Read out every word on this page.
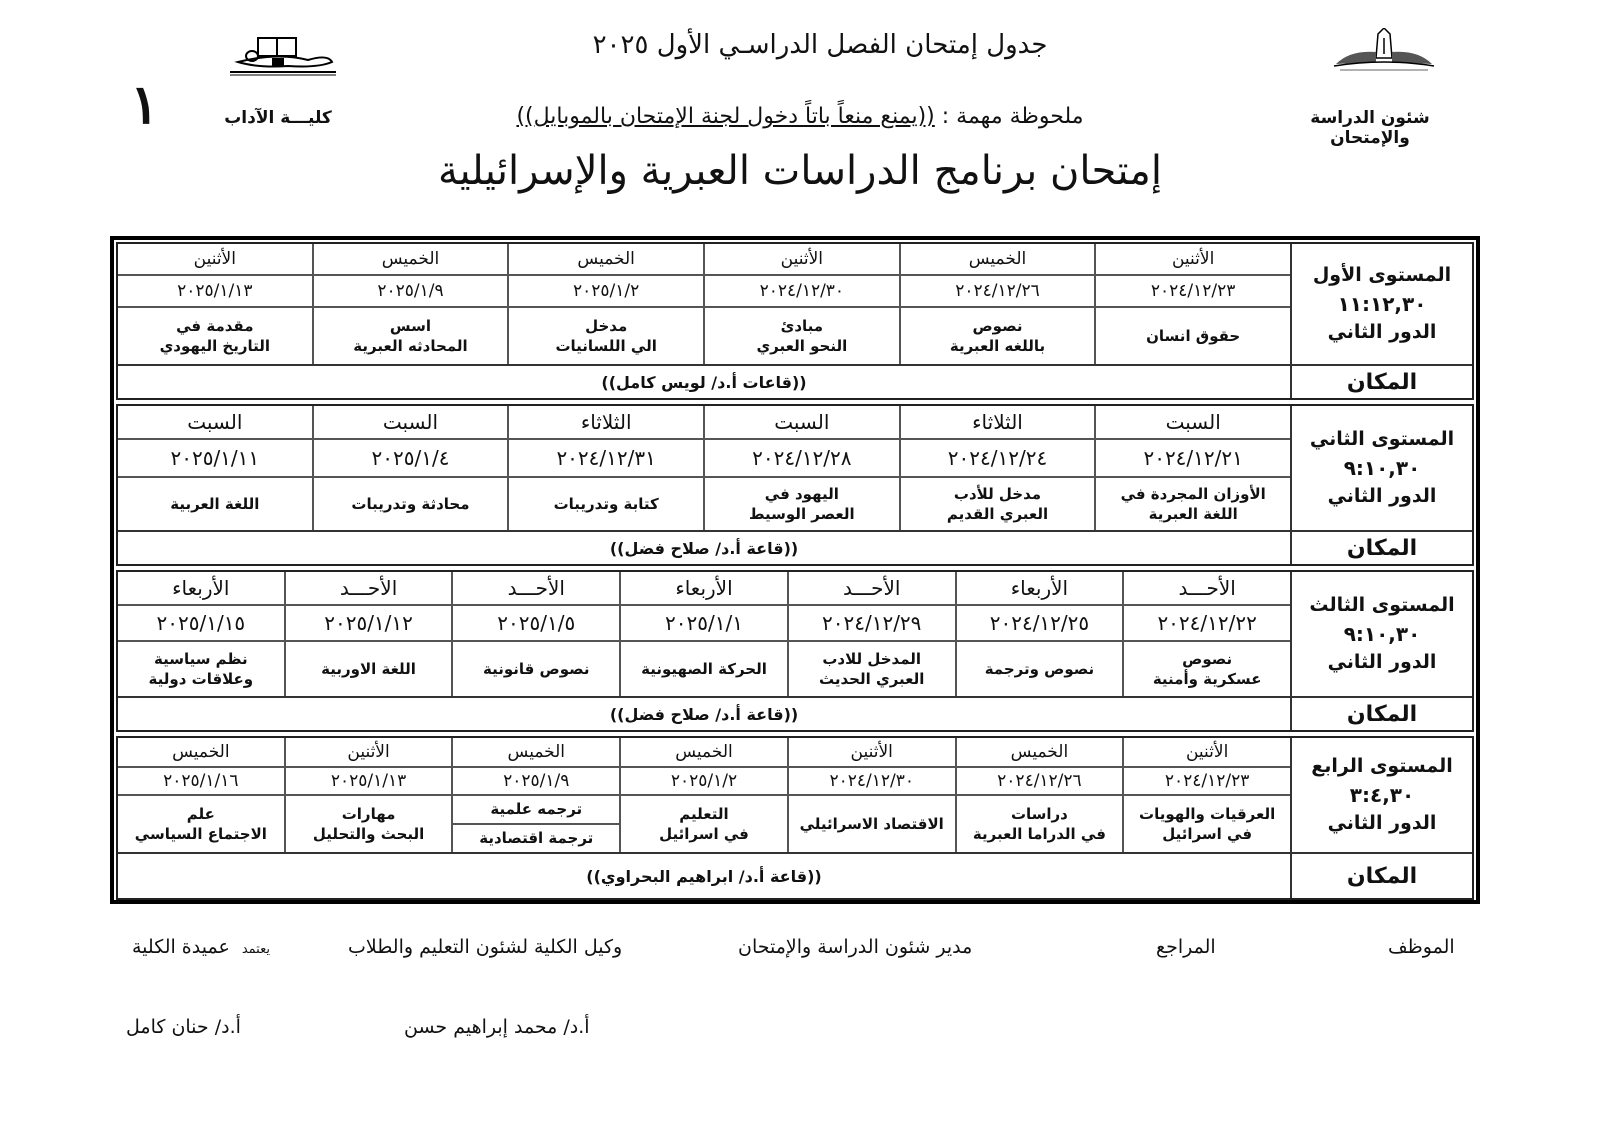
جدول إمتحان الفصل الدراسـي الأول ٢٠٢٥
١	كليـــة الآداب	شئون الدراسة والإمتحان
ملحوظة مهمة : ((يمنع منعاً باتاً دخول لجنة الإمتحان بالموبايل))
إمتحان برنامج الدراسات العبرية والإسرائيلية
المستوى الأول
١١:١٢,٣٠
الدور الثاني
المكان
الأثنين
٢٠٢٤/١٢/٢٣
حقوق انسان
الخميس
٢٠٢٤/١٢/٢٦
نصوص
باللغه العبرية
الأثنين
٢٠٢٤/١٢/٣٠
مبادئ
النحو العبري
الخميس
٢٠٢٥/١/٢
مدخل
الي اللسانيات
الخميس
٢٠٢٥/١/٩
اسس
المحادثه العبرية
الأثنين
٢٠٢٥/١/١٣
مقدمة في
التاريخ اليهودي
((قاعات أ.د/ لويس كامل))
المستوى الثاني
٩:١٠,٣٠
الدور الثاني
المكان
السبت
٢٠٢٤/١٢/٢١
الأوزان المجردة في
اللغة العبرية
الثلاثاء
٢٠٢٤/١٢/٢٤
مدخل للأدب
العبري القديم
السبت
٢٠٢٤/١٢/٢٨
اليهود في
العصر الوسيط
الثلاثاء
٢٠٢٤/١٢/٣١
كتابة وتدريبات
السبت
٢٠٢٥/١/٤
محادثة وتدريبات
السبت
٢٠٢٥/١/١١
اللغة العربية
((قاعة أ.د/ صلاح فضل))
المستوى الثالث
٩:١٠,٣٠
الدور الثاني
المكان
الأحـــد
٢٠٢٤/١٢/٢٢
نصوص
عسكرية وأمنية
الأربعاء
٢٠٢٤/١٢/٢٥
نصوص وترجمة
الأحـــد
٢٠٢٤/١٢/٢٩
المدخل للادب
العبري الحديث
الأربعاء
٢٠٢٥/١/١
الحركة الصهيونية
الأحـــد
٢٠٢٥/١/٥
نصوص قانونية
الأحـــد
٢٠٢٥/١/١٢
اللغة الاوربية
الأربعاء
٢٠٢٥/١/١٥
نظم سياسية
وعلاقات دولية
((قاعة أ.د/ صلاح فضل))
المستوى الرابع
٣:٤,٣٠
الدور الثاني
المكان
الأثنين
٢٠٢٤/١٢/٢٣
العرقيات والهويات
في اسرائيل
الخميس
٢٠٢٤/١٢/٢٦
دراسات
في الدراما العبرية
الأثنين
٢٠٢٤/١٢/٣٠
الاقتصاد الاسرائيلي
الخميس
٢٠٢٥/١/٢
التعليم
في اسرائيل
الخميس
٢٠٢٥/١/٩
ترجمه علمية
ترجمة اقتصادية
الأثنين
٢٠٢٥/١/١٣
مهارات
البحث والتحليل
الخميس
٢٠٢٥/١/١٦
علم
الاجتماع السياسي
((قاعة أ.د/ ابراهيم البحراوي))
الموظف
المراجع
مدير شئون الدراسة والإمتحان
وكيل الكلية لشئون التعليم والطلاب
يعتمد عميدة الكلية
أ.د/ محمد إبراهيم حسن
أ.د/ حنان كامل
